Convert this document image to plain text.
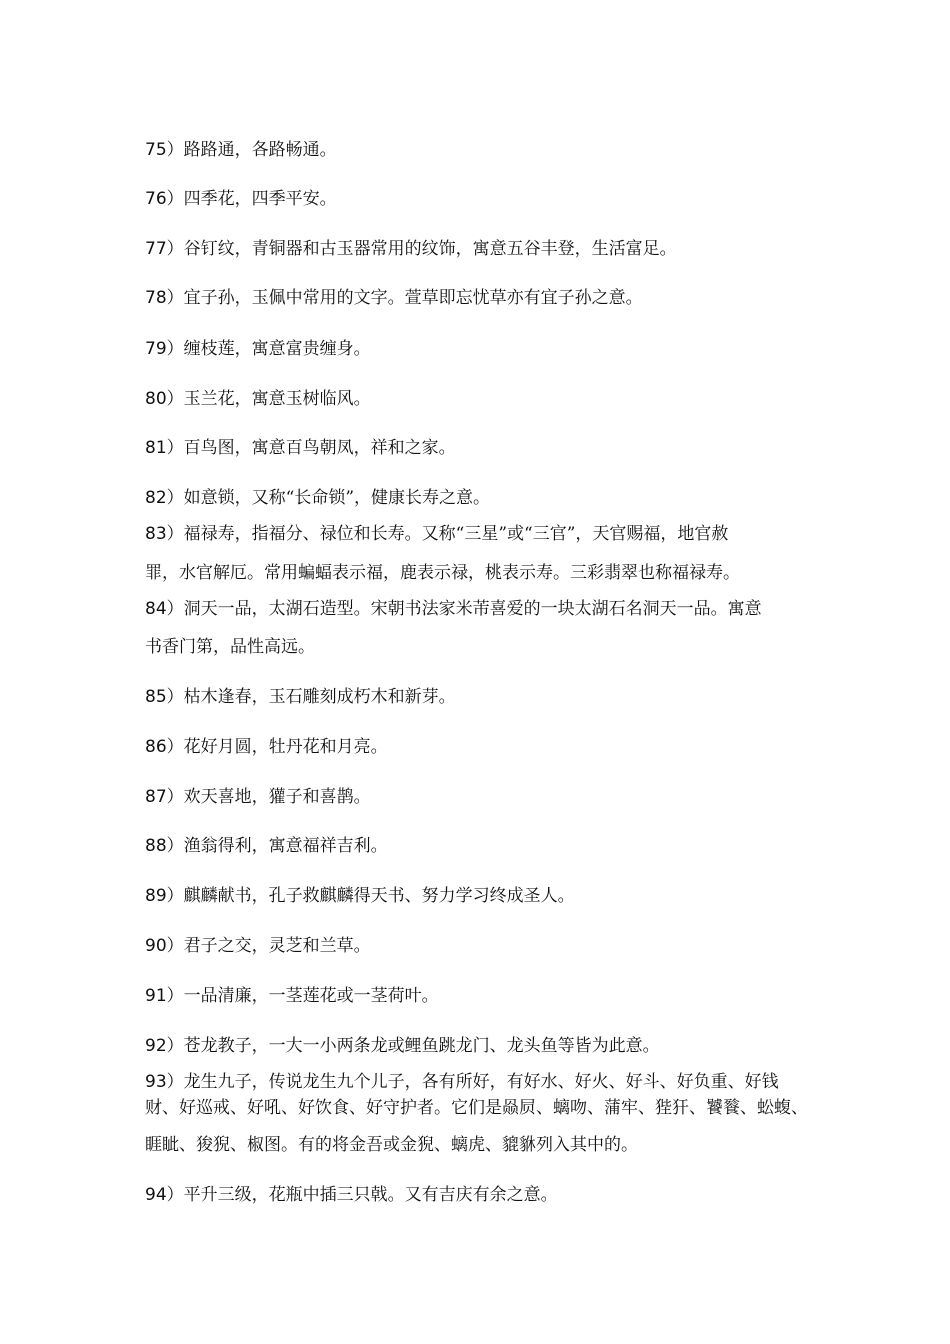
75）路路通，各路畅通。
76）四季花，四季平安。
77）谷钉纹，青铜器和古玉器常用的纹饰，寓意五谷丰登，生活富足。
78）宜子孙，玉佩中常用的文字。萱草即忘忧草亦有宜子孙之意。
79）缠枝莲，寓意富贵缠身。
80）玉兰花，寓意玉树临风。
81）百鸟图，寓意百鸟朝凤，祥和之家。
82）如意锁，又称“长命锁”，健康长寿之意。
83）福禄寿，指福分、禄位和长寿。又称“三星”或“三官”，天官赐福，地官赦
罪，水官解厄。常用蝙蝠表示福，鹿表示禄，桃表示寿。三彩翡翠也称福禄寿。
84）洞天一品，太湖石造型。宋朝书法家米芾喜爱的一块太湖石名洞天一品。寓意
书香门第，品性高远。
85）枯木逢春，玉石雕刻成朽木和新芽。
86）花好月圆，牡丹花和月亮。
87）欢天喜地，獾子和喜鹊。
88）渔翁得利，寓意福祥吉利。
89）麒麟献书，孔子救麒麟得天书、努力学习终成圣人。
90）君子之交，灵芝和兰草。
91）一品清廉，一茎莲花或一茎荷叶。
92）苍龙教子，一大一小两条龙或鲤鱼跳龙门、龙头鱼等皆为此意。
93）龙生九子，传说龙生九个儿子，各有所好，有好水、好火、好斗、好负重、好钱
财、好巡戒、好吼、好饮食、好守护者。它们是赑屃、螭吻、蒲牢、狴犴、饕餮、蚣蝮、
睚眦、狻猊、椒图。有的将金吾或金猊、螭虎、貔貅列入其中的。
94）平升三级，花瓶中插三只戟。又有吉庆有余之意。
